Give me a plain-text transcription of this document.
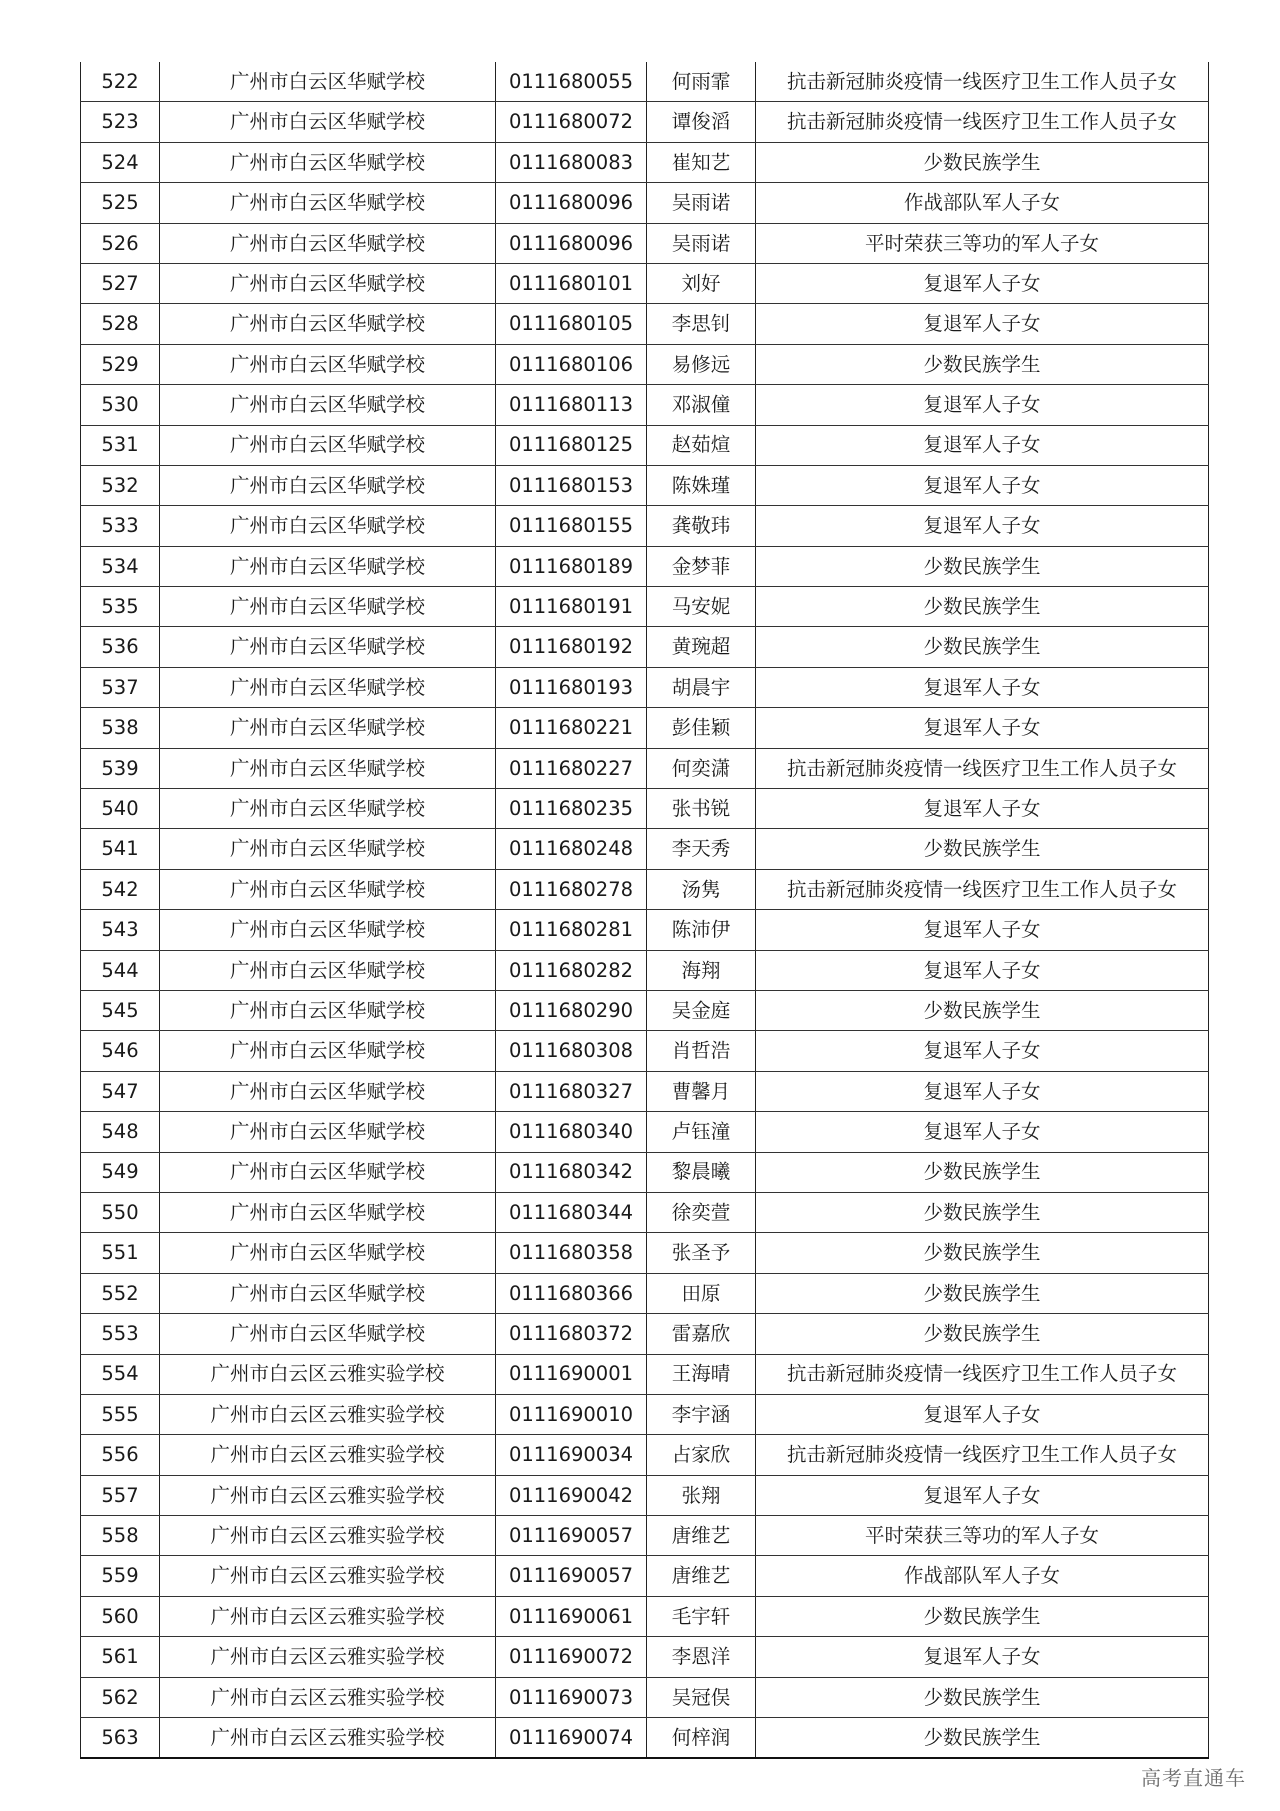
522	广州市白云区华赋学校	0111680055	何雨霏	抗击新冠肺炎疫情一线医疗卫生工作人员子女
523	广州市白云区华赋学校	0111680072	谭俊滔	抗击新冠肺炎疫情一线医疗卫生工作人员子女
524	广州市白云区华赋学校	0111680083	崔知艺	少数民族学生
525	广州市白云区华赋学校	0111680096	吴雨诺	作战部队军人子女
526	广州市白云区华赋学校	0111680096	吴雨诺	平时荣获三等功的军人子女
527	广州市白云区华赋学校	0111680101	刘好	复退军人子女
528	广州市白云区华赋学校	0111680105	李思钊	复退军人子女
529	广州市白云区华赋学校	0111680106	易修远	少数民族学生
530	广州市白云区华赋学校	0111680113	邓淑僮	复退军人子女
531	广州市白云区华赋学校	0111680125	赵茹煊	复退军人子女
532	广州市白云区华赋学校	0111680153	陈姝瑾	复退军人子女
533	广州市白云区华赋学校	0111680155	龚敬玮	复退军人子女
534	广州市白云区华赋学校	0111680189	金梦菲	少数民族学生
535	广州市白云区华赋学校	0111680191	马安妮	少数民族学生
536	广州市白云区华赋学校	0111680192	黄琬超	少数民族学生
537	广州市白云区华赋学校	0111680193	胡晨宇	复退军人子女
538	广州市白云区华赋学校	0111680221	彭佳颖	复退军人子女
539	广州市白云区华赋学校	0111680227	何奕潇	抗击新冠肺炎疫情一线医疗卫生工作人员子女
540	广州市白云区华赋学校	0111680235	张书锐	复退军人子女
541	广州市白云区华赋学校	0111680248	李天秀	少数民族学生
542	广州市白云区华赋学校	0111680278	汤隽	抗击新冠肺炎疫情一线医疗卫生工作人员子女
543	广州市白云区华赋学校	0111680281	陈沛伊	复退军人子女
544	广州市白云区华赋学校	0111680282	海翔	复退军人子女
545	广州市白云区华赋学校	0111680290	吴金庭	少数民族学生
546	广州市白云区华赋学校	0111680308	肖哲浩	复退军人子女
547	广州市白云区华赋学校	0111680327	曹馨月	复退军人子女
548	广州市白云区华赋学校	0111680340	卢钰潼	复退军人子女
549	广州市白云区华赋学校	0111680342	黎晨曦	少数民族学生
550	广州市白云区华赋学校	0111680344	徐奕萱	少数民族学生
551	广州市白云区华赋学校	0111680358	张圣予	少数民族学生
552	广州市白云区华赋学校	0111680366	田原	少数民族学生
553	广州市白云区华赋学校	0111680372	雷嘉欣	少数民族学生
554	广州市白云区云雅实验学校	0111690001	王海晴	抗击新冠肺炎疫情一线医疗卫生工作人员子女
555	广州市白云区云雅实验学校	0111690010	李宇涵	复退军人子女
556	广州市白云区云雅实验学校	0111690034	占家欣	抗击新冠肺炎疫情一线医疗卫生工作人员子女
557	广州市白云区云雅实验学校	0111690042	张翔	复退军人子女
558	广州市白云区云雅实验学校	0111690057	唐维艺	平时荣获三等功的军人子女
559	广州市白云区云雅实验学校	0111690057	唐维艺	作战部队军人子女
560	广州市白云区云雅实验学校	0111690061	毛宇轩	少数民族学生
561	广州市白云区云雅实验学校	0111690072	李恩洋	复退军人子女
562	广州市白云区云雅实验学校	0111690073	吴冠俣	少数民族学生
563	广州市白云区云雅实验学校	0111690074	何梓润	少数民族学生
高考直通车
